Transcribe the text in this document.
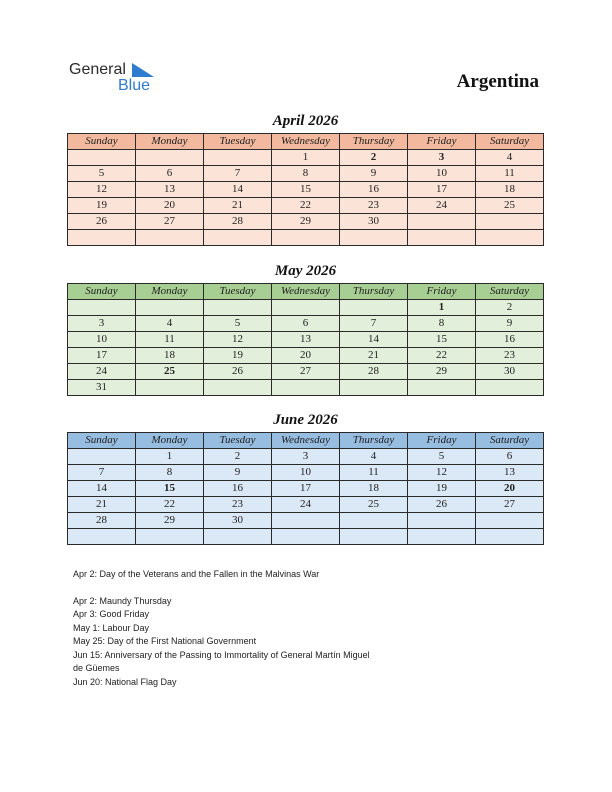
General
Blue	Argentina
April 2026
Sunday	Monday	Tuesday	Wednesday	Thursday	Friday	Saturday
			1	2	3	4
5	6	7	8	9	10	11
12	13	14	15	16	17	18
19	20	21	22	23	24	25
26	27	28	29	30		

May 2026
Sunday	Monday	Tuesday	Wednesday	Thursday	Friday	Saturday
					1	2
3	4	5	6	7	8	9
10	11	12	13	14	15	16
17	18	19	20	21	22	23
24	25	26	27	28	29	30
31						
June 2026
Sunday	Monday	Tuesday	Wednesday	Thursday	Friday	Saturday
	1	2	3	4	5	6
7	8	9	10	11	12	13
14	15	16	17	18	19	20
21	22	23	24	25	26	27
28	29	30				

Apr 2: Day of the Veterans and the Fallen in the Malvinas War
Apr 2: Maundy Thursday
Apr 3: Good Friday
May 1: Labour Day
May 25: Day of the First National Government
Jun 15: Anniversary of the Passing to Immortality of General Martín Miguel
de Güemes
Jun 20: National Flag Day
